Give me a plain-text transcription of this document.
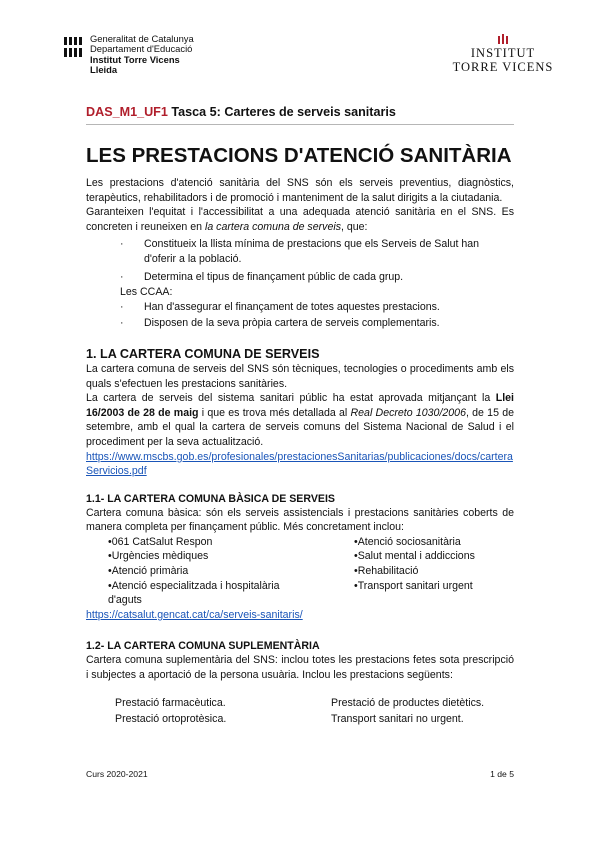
Generalitat de Catalunya
Departament d'Educació
Institut Torre Vicens
Lleida
INSTITUT
TORRE VICENS
DAS_M1_UF1 Tasca 5: Carteres de serveis sanitaris
LES PRESTACIONS D'ATENCIÓ SANITÀRIA

Les prestacions d'atenció sanitària del SNS són els serveis preventius, diagnòstics, terapèutics, rehabilitadors i de promoció i manteniment de la salut dirigits a la ciutadania.

Garanteixen l'equitat i l'accessibilitat a una adequada atenció sanitària en el SNS. Es concreten i reuneixen en la cartera comuna de serveis, que:

· Constitueix la llista mínima de prestacions que els Serveis de Salut han d'oferir a la població.
· Determina el tipus de finançament públic de cada grup.
Les CCAA:
· Han d'assegurar el finançament de totes aquestes prestacions.
· Disposen de la seva pròpia cartera de serveis complementaris.
1. LA CARTERA COMUNA DE SERVEIS

La cartera comuna de serveis del SNS són tècniques, tecnologies o procediments amb els quals s'efectuen les prestacions sanitàries.

La cartera de serveis del sistema sanitari públic ha estat aprovada mitjançant la Llei 16/2003 de 28 de maig i que es trova més detallada al Real Decreto 1030/2006, de 15 de setembre, amb el qual la cartera de serveis comuns del Sistema Nacional de Salud i el procediment per la seva actualització.

https://www.mscbs.gob.es/profesionales/prestacionesSanitarias/publicaciones/docs/carteraServicios.pdf
1.1- LA CARTERA COMUNA BÀSICA DE SERVEIS

Cartera comuna bàsica: són els serveis assistencials i prestacions sanitàries coberts de manera completa per finançament públic. Més concretament inclou:

•061 CatSalut Respon
•Urgències mèdiques
•Atenció primària
•Atenció especialitzada i hospitalària d'aguts
•Atenció sociosanitària
•Salut mental i addiccions
•Rehabilitació
•Transport sanitari urgent
https://catsalut.gencat.cat/ca/serveis-sanitaris/
1.2- LA CARTERA COMUNA SUPLEMENTÀRIA

Cartera comuna suplementària del SNS: inclou totes les prestacions fetes sota prescripció i subjectes a aportació de la persona usuària. Inclou les prestacions següents:

Prestació farmacèutica.
Prestació ortoprotèsica.
Prestació de productes dietètics.
Transport sanitari no urgent.
Curs 2020-2021	1 de 5
